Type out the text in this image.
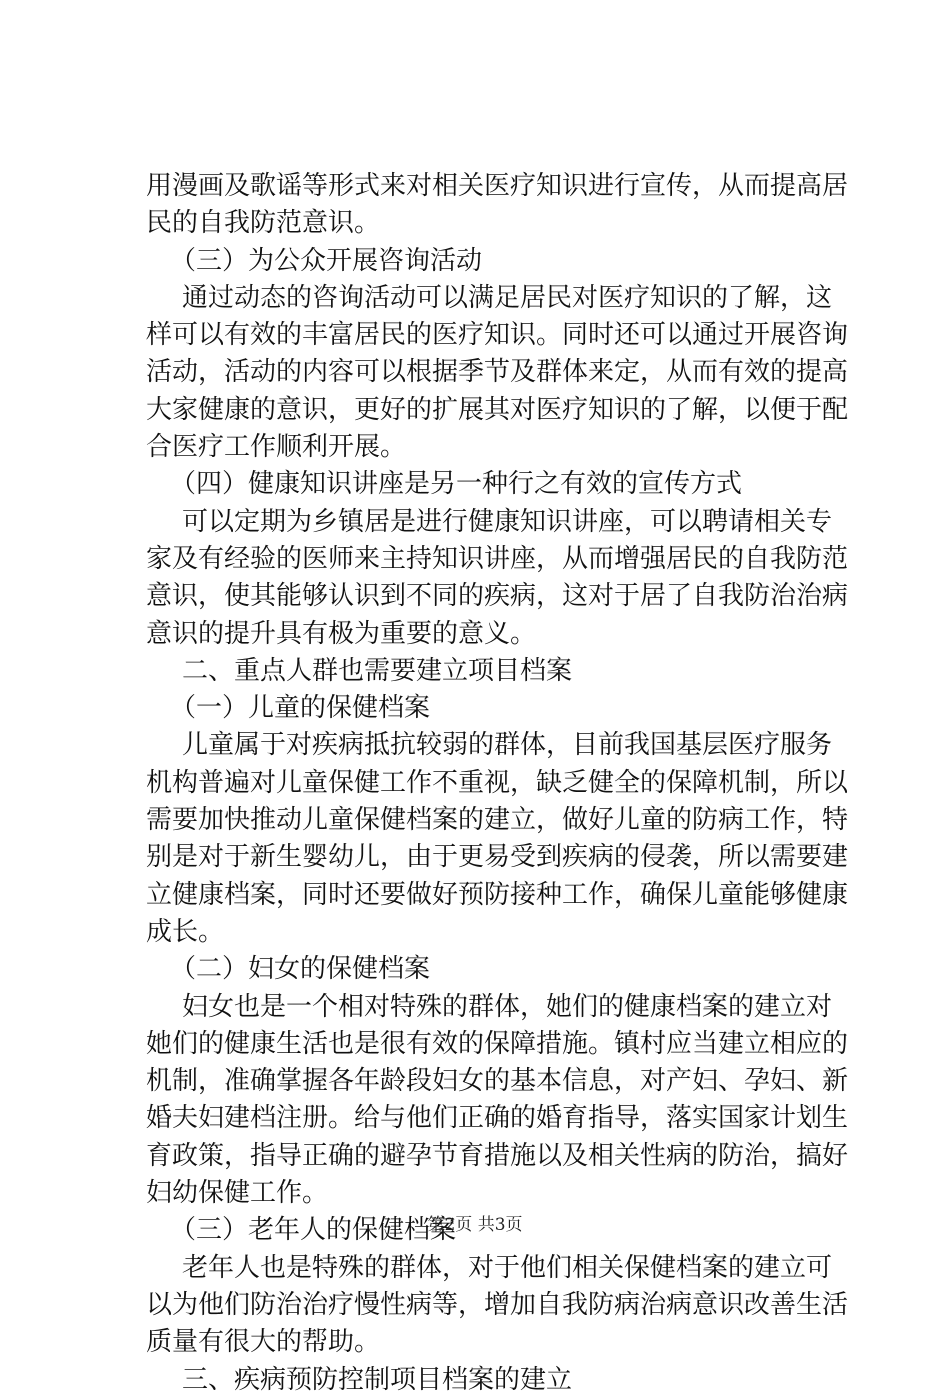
用漫画及歌谣等形式来对相关医疗知识进行宣传，从而提高居

民的自我防范意识。

（三）为公众开展咨询活动

通过动态的咨询活动可以满足居民对医疗知识的了解，这

样可以有效的丰富居民的医疗知识。同时还可以通过开展咨询

活动，活动的内容可以根据季节及群体来定，从而有效的提高

大家健康的意识，更好的扩展其对医疗知识的了解，以便于配

合医疗工作顺利开展。

（四）健康知识讲座是另一种行之有效的宣传方式

可以定期为乡镇居是进行健康知识讲座，可以聘请相关专

家及有经验的医师来主持知识讲座，从而增强居民的自我防范

意识，使其能够认识到不同的疾病，这对于居了自我防治治病

意识的提升具有极为重要的意义。

二、重点人群也需要建立项目档案

（一）儿童的保健档案

儿童属于对疾病抵抗较弱的群体，目前我国基层医疗服务

机构普遍对儿童保健工作不重视，缺乏健全的保障机制，所以

需要加快推动儿童保健档案的建立，做好儿童的防病工作，特

别是对于新生婴幼儿，由于更易受到疾病的侵袭，所以需要建

立健康档案，同时还要做好预防接种工作，确保儿童能够健康

成长。

（二）妇女的保健档案

妇女也是一个相对特殊的群体，她们的健康档案的建立对

她们的健康生活也是很有效的保障措施。镇村应当建立相应的

机制，准确掌握各年龄段妇女的基本信息，对产妇、孕妇、新

婚夫妇建档注册。给与他们正确的婚育指导，落实国家计划生

育政策，指导正确的避孕节育措施以及相关性病的防治，搞好

妇幼保健工作。

（三）老年人的保健档案

老年人也是特殊的群体，对于他们相关保健档案的建立可

以为他们防治治疗慢性病等，增加自我防病治病意识改善生活

质量有很大的帮助。

三、疾病预防控制项目档案的建立

第2页 共3页
